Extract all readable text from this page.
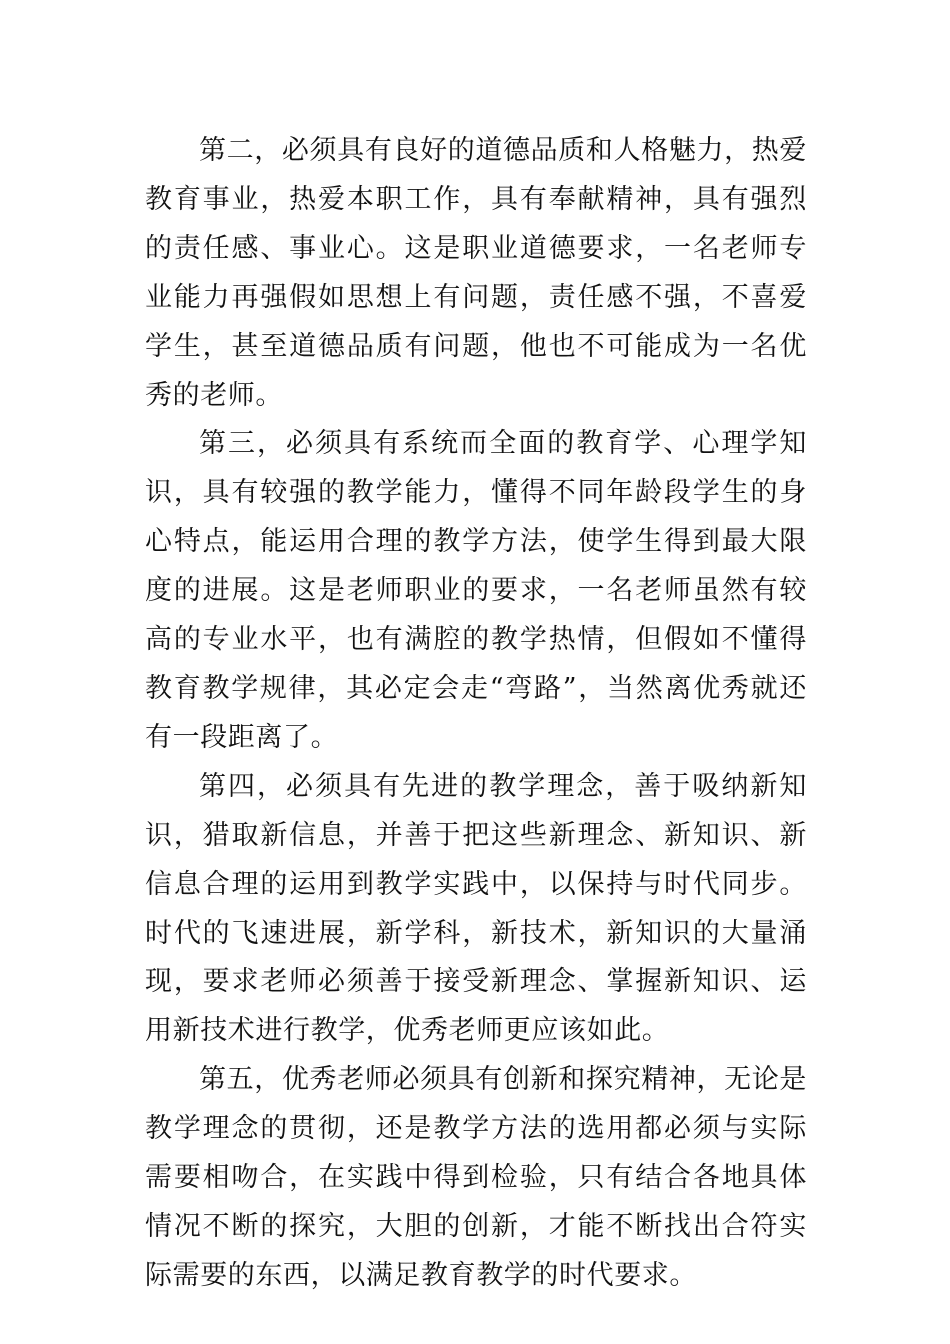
第二，必须具有良好的道德品质和人格魅力，热爱教育事业，热爱本职工作，具有奉献精神，具有强烈的责任感、事业心。这是职业道德要求，一名老师专业能力再强假如思想上有问题，责任感不强，不喜爱学生，甚至道德品质有问题，他也不可能成为一名优秀的老师。

第三，必须具有系统而全面的教育学、心理学知识，具有较强的教学能力，懂得不同年龄段学生的身心特点，能运用合理的教学方法，使学生得到最大限度的进展。这是老师职业的要求，一名老师虽然有较高的专业水平，也有满腔的教学热情，但假如不懂得教育教学规律，其必定会走“弯路”，当然离优秀就还有一段距离了。

第四，必须具有先进的教学理念，善于吸纳新知识，猎取新信息，并善于把这些新理念、新知识、新信息合理的运用到教学实践中，以保持与时代同步。时代的飞速进展，新学科，新技术，新知识的大量涌现，要求老师必须善于接受新理念、掌握新知识、运用新技术进行教学，优秀老师更应该如此。

第五，优秀老师必须具有创新和探究精神，无论是教学理念的贯彻，还是教学方法的选用都必须与实际需要相吻合，在实践中得到检验，只有结合各地具体情况不断的探究，大胆的创新，才能不断找出合符实际需要的东西，以满足教育教学的时代要求。
